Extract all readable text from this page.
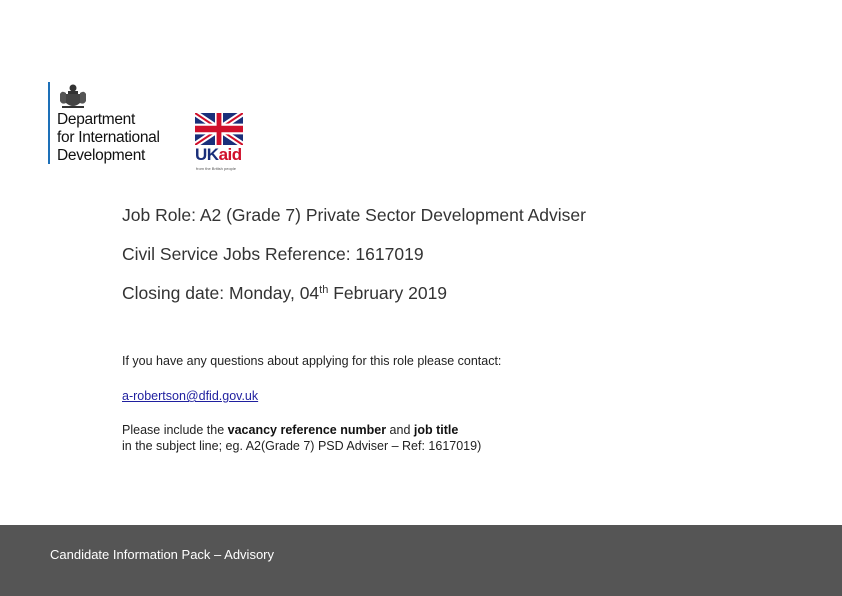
Department
for International
Development	UKaid
from the British people
Job Role: A2 (Grade 7) Private Sector Development Adviser
Civil Service Jobs Reference: 1617019
Closing date: Monday, 04th February 2019
If you have any questions about applying for this role please contact:
a-robertson@dfid.gov.uk
Please include the vacancy reference number and job title
in the subject line; eg. A2(Grade 7) PSD Adviser – Ref: 1617019)
Candidate Information Pack – Advisory
